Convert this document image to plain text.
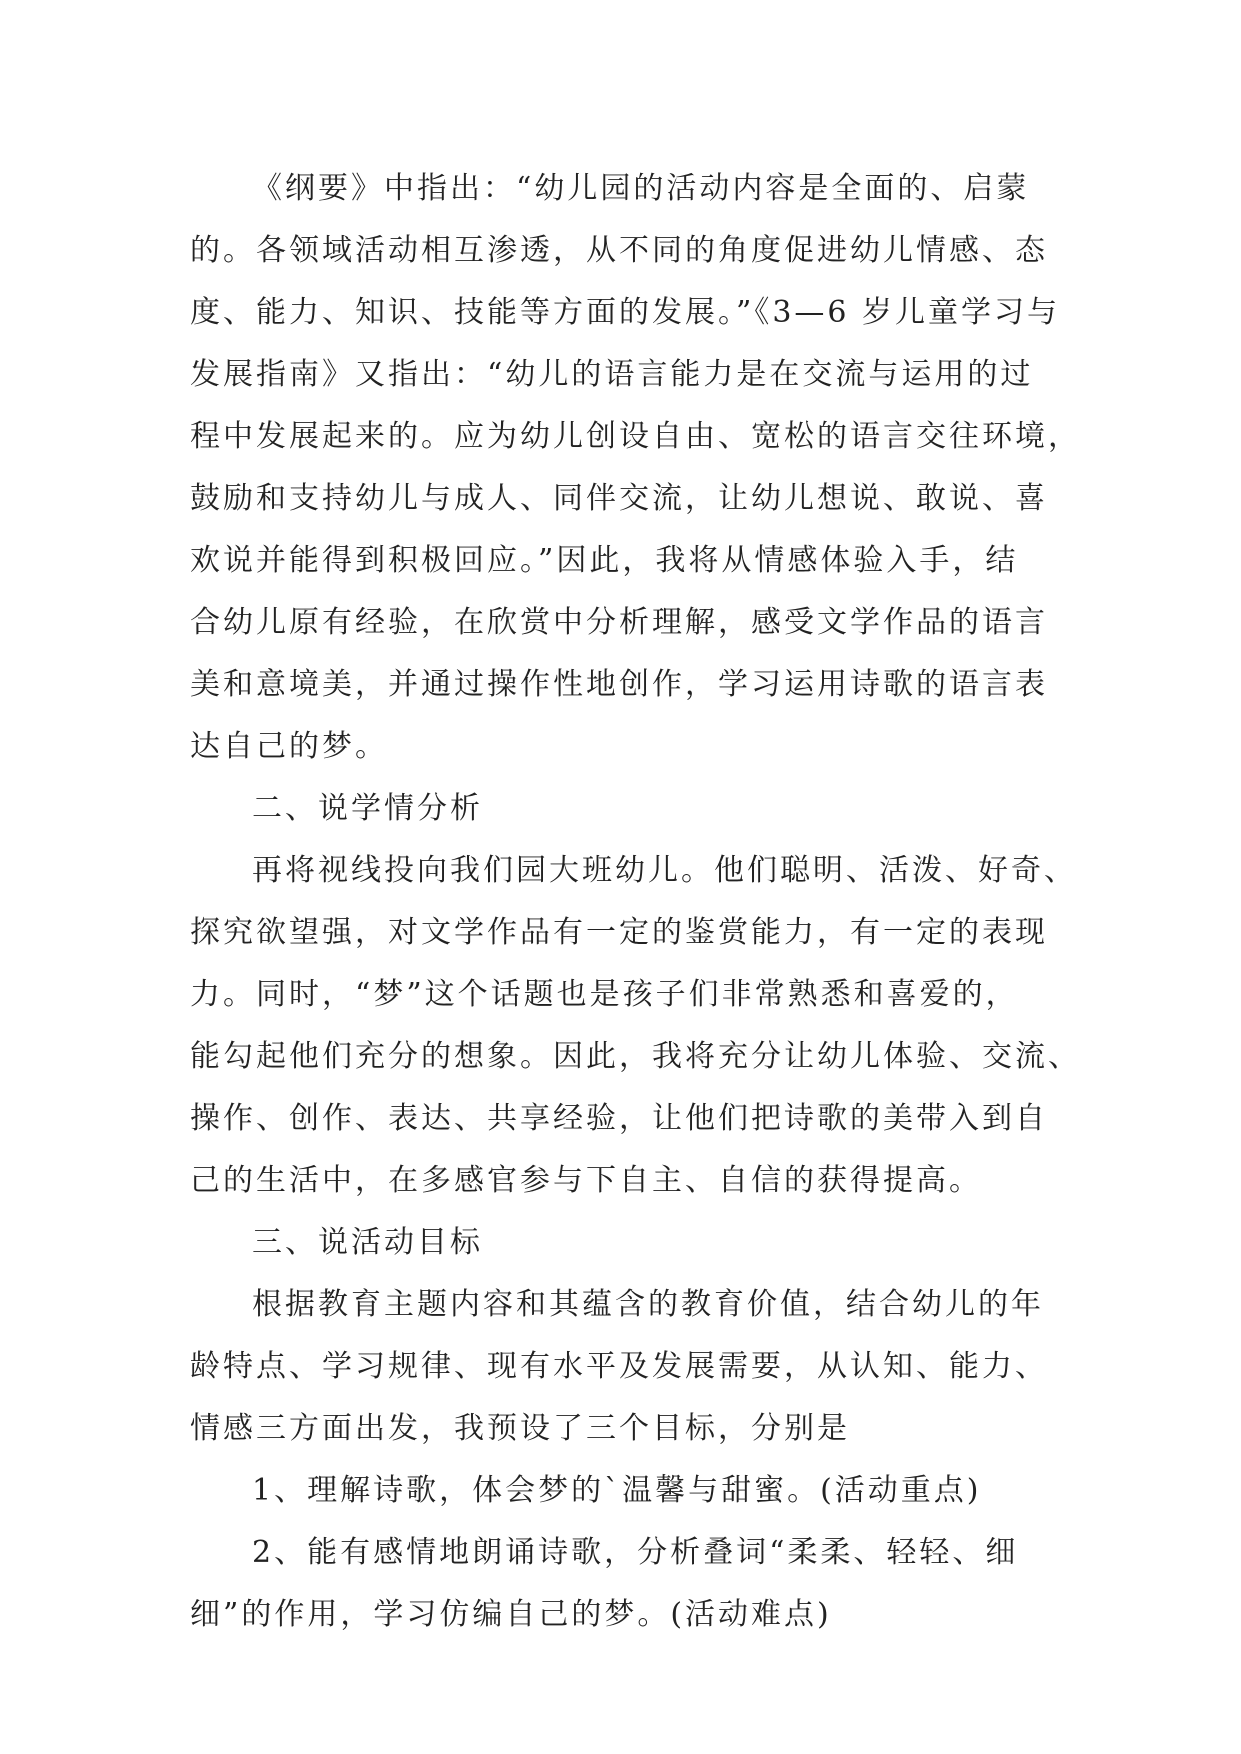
《纲要》中指出：“幼儿园的活动内容是全面的、启蒙
的。各领域活动相互渗透，从不同的角度促进幼儿情感、态
度、能力、知识、技能等方面的发展。”《3—6 岁儿童学习与
发展指南》又指出：“幼儿的语言能力是在交流与运用的过
程中发展起来的。应为幼儿创设自由、宽松的语言交往环境，
鼓励和支持幼儿与成人、同伴交流，让幼儿想说、敢说、喜
欢说并能得到积极回应。”因此，我将从情感体验入手，结
合幼儿原有经验，在欣赏中分析理解，感受文学作品的语言
美和意境美，并通过操作性地创作，学习运用诗歌的语言表
达自己的梦。
二、说学情分析
再将视线投向我们园大班幼儿。他们聪明、活泼、好奇、
探究欲望强，对文学作品有一定的鉴赏能力，有一定的表现
力。同时，“梦”这个话题也是孩子们非常熟悉和喜爱的，
能勾起他们充分的想象。因此，我将充分让幼儿体验、交流、
操作、创作、表达、共享经验，让他们把诗歌的美带入到自
己的生活中，在多感官参与下自主、自信的获得提高。
三、说活动目标
根据教育主题内容和其蕴含的教育价值，结合幼儿的年
龄特点、学习规律、现有水平及发展需要，从认知、能力、
情感三方面出发，我预设了三个目标，分别是
1、理解诗歌，体会梦的`温馨与甜蜜。(活动重点)
2、能有感情地朗诵诗歌，分析叠词“柔柔、轻轻、细
细”的作用，学习仿编自己的梦。(活动难点)
